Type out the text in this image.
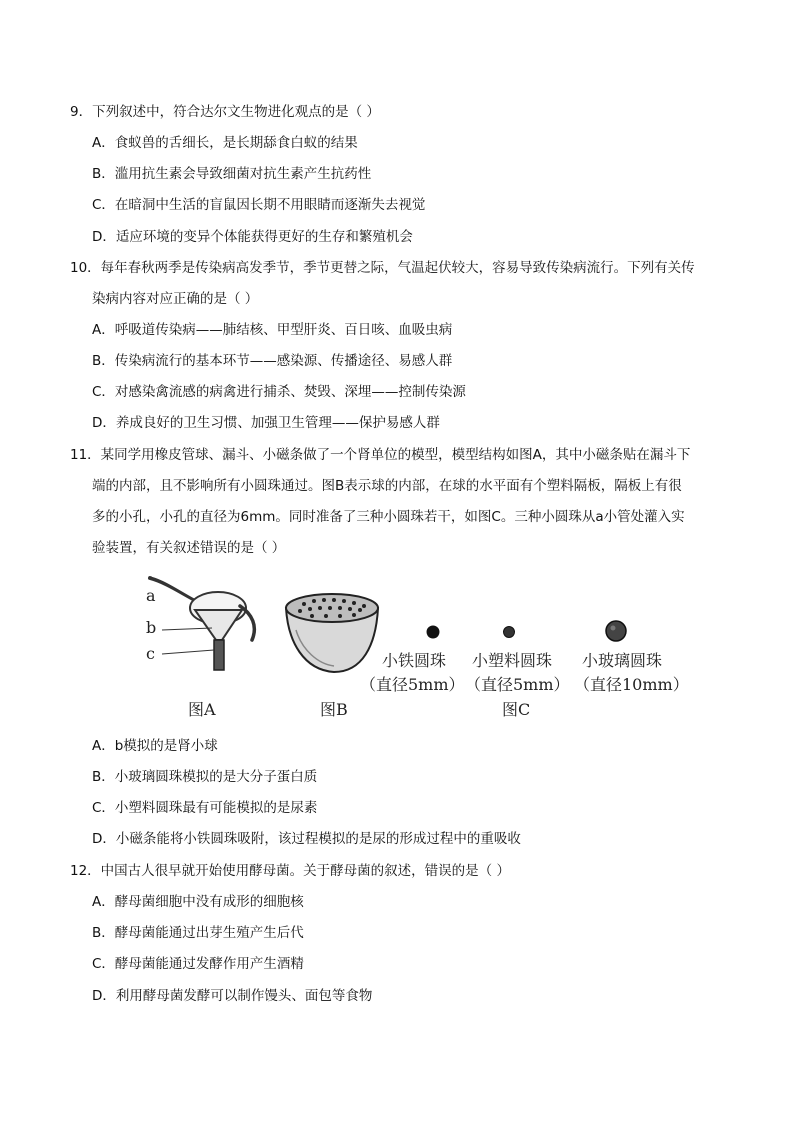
9．下列叙述中，符合达尔文生物进化观点的是（ ）
A．食蚁兽的舌细长，是长期舔食白蚁的结果
B．滥用抗生素会导致细菌对抗生素产生抗药性
C．在暗洞中生活的盲鼠因长期不用眼睛而逐渐失去视觉
D．适应环境的变异个体能获得更好的生存和繁殖机会
10．每年春秋两季是传染病高发季节，季节更替之际，气温起伏较大，容易导致传染病流行。下列有关传
染病内容对应正确的是（ ）
A．呼吸道传染病——肺结核、甲型肝炎、百日咳、血吸虫病
B．传染病流行的基本环节——感染源、传播途径、易感人群
C．对感染禽流感的病禽进行捕杀、焚毁、深埋——控制传染源
D．养成良好的卫生习惯、加强卫生管理——保护易感人群
11．某同学用橡皮管球、漏斗、小磁条做了一个肾单位的模型，模型结构如图A，其中小磁条贴在漏斗下
端的内部，且不影响所有小圆珠通过。图B表示球的内部，在球的水平面有个塑料隔板，隔板上有很
多的小孔，小孔的直径为6mm。同时准备了三种小圆珠若干，如图C。三种小圆珠从a小管处灌入实
验装置，有关叙述错误的是（ ）
a
b
c
图A	图B
小铁圆珠 小塑料圆珠 小玻璃圆珠
（直径5mm） （直径5mm） （直径10mm）
图C
A．b模拟的是肾小球
B．小玻璃圆珠模拟的是大分子蛋白质
C．小塑料圆珠最有可能模拟的是尿素
D．小磁条能将小铁圆珠吸附，该过程模拟的是尿的形成过程中的重吸收
12．中国古人很早就开始使用酵母菌。关于酵母菌的叙述，错误的是（ ）
A．酵母菌细胞中没有成形的细胞核
B．酵母菌能通过出芽生殖产生后代
C．酵母菌能通过发酵作用产生酒精
D．利用酵母菌发酵可以制作馒头、面包等食物
